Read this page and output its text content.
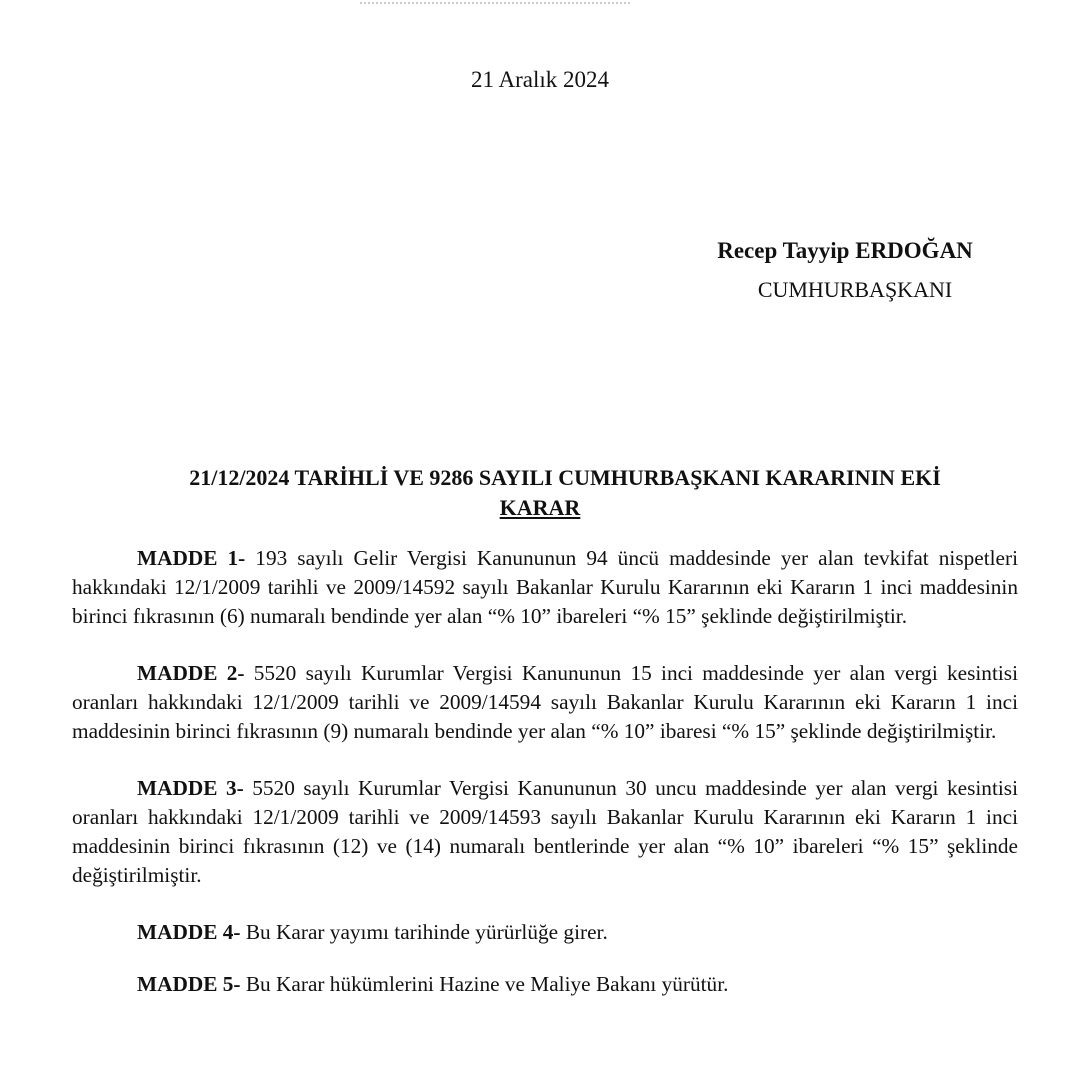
21 Aralık 2024
Recep Tayyip ERDOĞAN
CUMHURBAŞKANI
21/12/2024 TARİHLİ VE 9286 SAYILI CUMHURBAŞKANI KARARININ EKİ
KARAR

MADDE 1- 193 sayılı Gelir Vergisi Kanununun 94 üncü maddesinde yer alan tevkifat nispetleri hakkındaki 12/1/2009 tarihli ve 2009/14592 sayılı Bakanlar Kurulu Kararının eki Kararın 1 inci maddesinin birinci fıkrasının (6) numaralı bendinde yer alan “% 10” ibareleri “% 15” şeklinde değiştirilmiştir.

MADDE 2- 5520 sayılı Kurumlar Vergisi Kanununun 15 inci maddesinde yer alan vergi kesintisi oranları hakkındaki 12/1/2009 tarihli ve 2009/14594 sayılı Bakanlar Kurulu Kararının eki Kararın 1 inci maddesinin birinci fıkrasının (9) numaralı bendinde yer alan “% 10” ibaresi “% 15” şeklinde değiştirilmiştir.

MADDE 3- 5520 sayılı Kurumlar Vergisi Kanununun 30 uncu maddesinde yer alan vergi kesintisi oranları hakkındaki 12/1/2009 tarihli ve 2009/14593 sayılı Bakanlar Kurulu Kararının eki Kararın 1 inci maddesinin birinci fıkrasının (12) ve (14) numaralı bentlerinde yer alan “% 10” ibareleri “% 15” şeklinde değiştirilmiştir.

MADDE 4- Bu Karar yayımı tarihinde yürürlüğe girer.

MADDE 5- Bu Karar hükümlerini Hazine ve Maliye Bakanı yürütür.
